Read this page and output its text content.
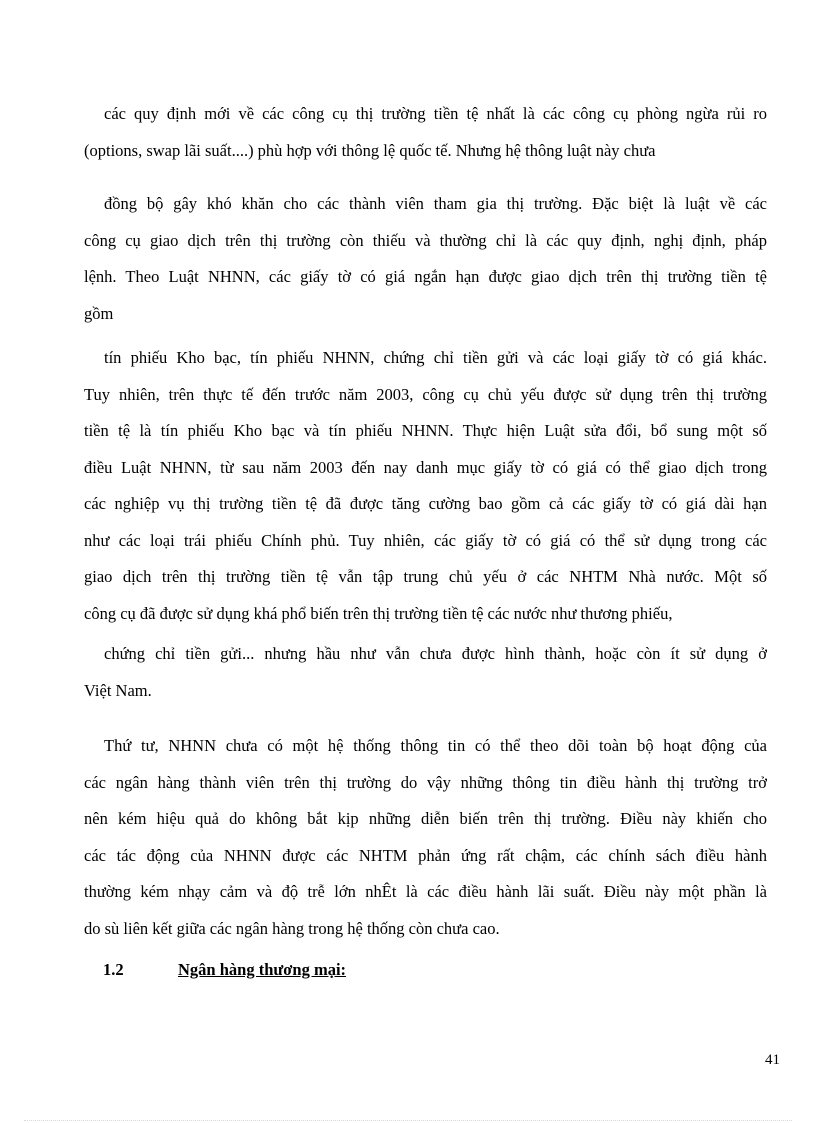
các quy định mới về các công cụ thị trường tiền tệ nhất là các công cụ phòng ngừa rủi ro
(options, swap lãi suất....) phù hợp với thông lệ quốc tế. Nhưng hệ thông luật này chưa

đồng bộ gây khó khăn cho các thành viên tham gia thị trường. Đặc biệt là luật về các
công cụ giao dịch trên thị trường còn thiếu và thường chỉ là các quy định, nghị định, pháp
lệnh. Theo Luật NHNN, các giấy tờ có giá ngắn hạn được giao dịch trên thị trường tiền tệ
gồm

tín phiếu Kho bạc, tín phiếu NHNN, chứng chỉ tiền gửi và các loại giấy tờ có giá khác.
Tuy nhiên, trên thực tế đến trước năm 2003, công cụ chủ yếu được sử dụng trên thị trường
tiền tệ là tín phiếu Kho bạc và tín phiếu NHNN. Thực hiện Luật sửa đổi, bổ sung một số
điều Luật NHNN, từ sau năm 2003 đến nay danh mục giấy tờ có giá có thể giao dịch trong
các nghiệp vụ thị trường tiền tệ đã được tăng cường bao gồm cả các giấy tờ có giá dài hạn
như các loại trái phiếu Chính phủ. Tuy nhiên, các giấy tờ có giá có thể sử dụng trong các
giao dịch trên thị trường tiền tệ vẫn tập trung chủ yếu ở các NHTM Nhà nước. Một số
công cụ đã được sử dụng khá phổ biến trên thị trường tiền tệ các nước như thương phiếu,

chứng chỉ tiền gửi... nhưng hầu như vẫn chưa được hình thành, hoặc còn ít sử dụng ở
Việt Nam.

Thứ tư, NHNN chưa có một hệ thống thông tin có thể theo dõi toàn bộ hoạt động của
các ngân hàng thành viên trên thị trường do vậy những thông tin điều hành thị trường trở
nên kém hiệu quả do không bắt kịp những diễn biến trên thị trường. Điều này khiến cho
các tác động của NHNN được các NHTM phản ứng rất chậm, các chính sách điều hành
thường kém nhạy cảm và độ trễ lớn nhÊt là các điều hành lãi suất. Điều này một phần là
do sù liên kết giữa các ngân hàng trong hệ thống còn chưa cao.

1.2	Ngân hàng thương mại:
41
